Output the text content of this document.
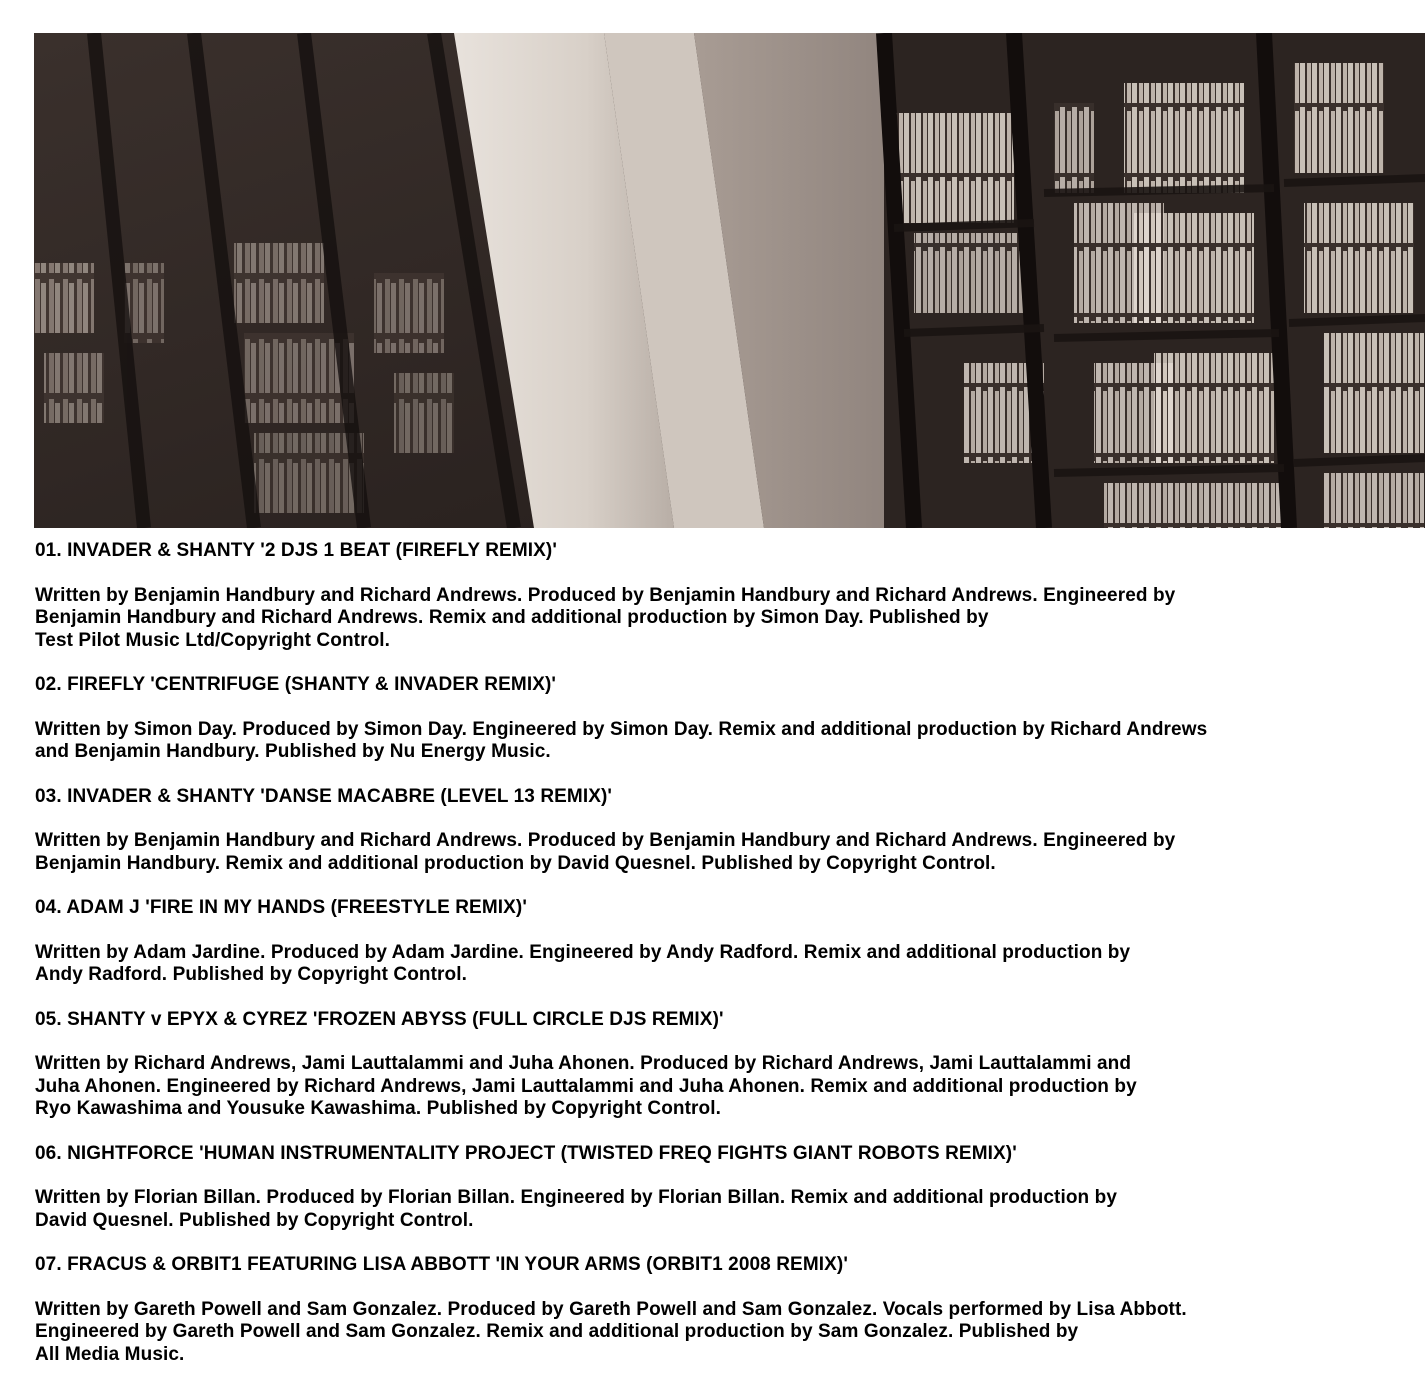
01. INVADER & SHANTY '2 DJS 1 BEAT (FIREFLY REMIX)'

Written by Benjamin Handbury and Richard Andrews. Produced by Benjamin Handbury and Richard Andrews. Engineered by
Benjamin Handbury and Richard Andrews. Remix and additional production by Simon Day. Published by
Test Pilot Music Ltd/Copyright Control.

02. FIREFLY 'CENTRIFUGE (SHANTY & INVADER REMIX)'

Written by Simon Day. Produced by Simon Day. Engineered by Simon Day. Remix and additional production by Richard Andrews
and Benjamin Handbury. Published by Nu Energy Music.

03. INVADER & SHANTY 'DANSE MACABRE (LEVEL 13 REMIX)'

Written by Benjamin Handbury and Richard Andrews. Produced by Benjamin Handbury and Richard Andrews. Engineered by
Benjamin Handbury. Remix and additional production by David Quesnel. Published by Copyright Control.

04. ADAM J 'FIRE IN MY HANDS (FREESTYLE REMIX)'

Written by Adam Jardine. Produced by Adam Jardine. Engineered by Andy Radford. Remix and additional production by
Andy Radford. Published by Copyright Control.

05. SHANTY v EPYX & CYREZ 'FROZEN ABYSS (FULL CIRCLE DJS REMIX)'

Written by Richard Andrews, Jami Lauttalammi and Juha Ahonen. Produced by Richard Andrews, Jami Lauttalammi and
Juha Ahonen. Engineered by Richard Andrews, Jami Lauttalammi and Juha Ahonen. Remix and additional production by
Ryo Kawashima and Yousuke Kawashima. Published by Copyright Control.

06. NIGHTFORCE 'HUMAN INSTRUMENTALITY PROJECT (TWISTED FREQ FIGHTS GIANT ROBOTS REMIX)'

Written by Florian Billan. Produced by Florian Billan. Engineered by Florian Billan. Remix and additional production by
David Quesnel. Published by Copyright Control.

07. FRACUS & ORBIT1 FEATURING LISA ABBOTT 'IN YOUR ARMS (ORBIT1 2008 REMIX)'

Written by Gareth Powell and Sam Gonzalez. Produced by Gareth Powell and Sam Gonzalez. Vocals performed by Lisa Abbott.
Engineered by Gareth Powell and Sam Gonzalez. Remix and additional production by Sam Gonzalez. Published by
All Media Music.
